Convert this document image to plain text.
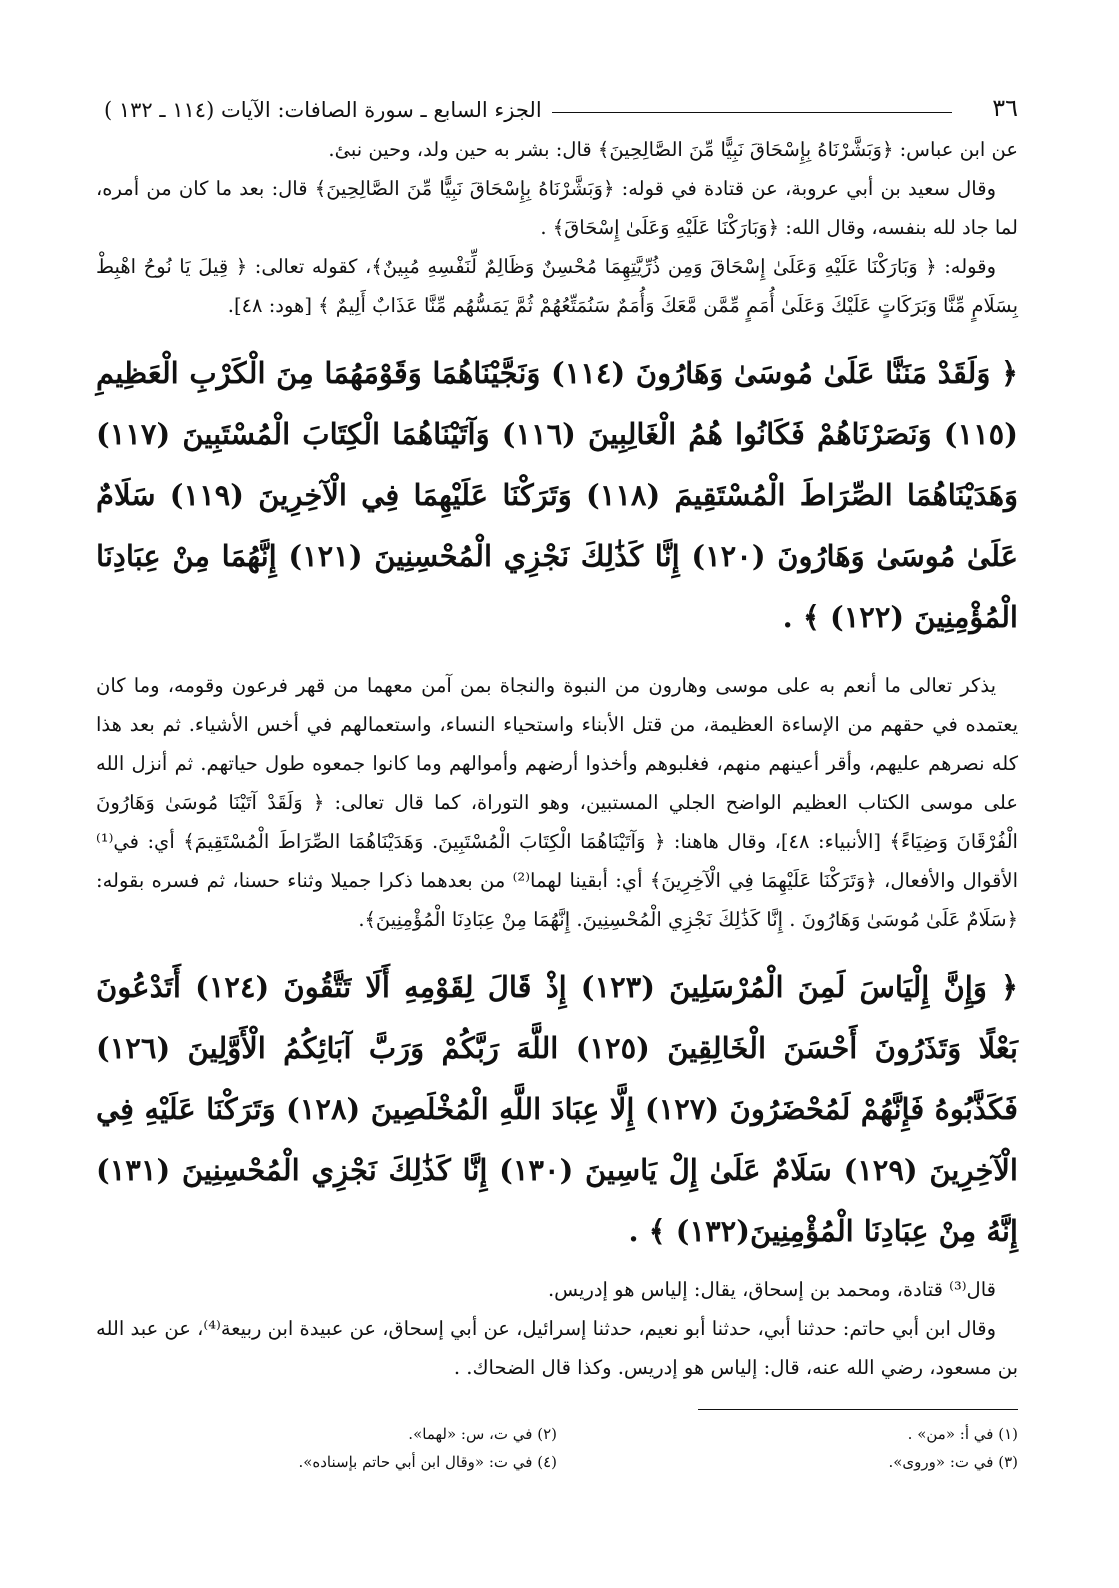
٣٦
الجزء السابع ـ سورة الصافات: الآيات (١١٤ ـ ١٣٢ )

عن ابن عباس: ﴿وَبَشَّرْنَاهُ بِإِسْحَاقَ نَبِيًّا مِّنَ الصَّالِحِينَ﴾ قال: بشر به حين ولد، وحين نبئ.

وقال سعيد بن أبي عروبة، عن قتادة في قوله: ﴿وَبَشَّرْنَاهُ بِإِسْحَاقَ نَبِيًّا مِّنَ الصَّالِحِينَ﴾ قال: بعد ما كان من أمره، لما جاد لله بنفسه، وقال الله: ﴿وَبَارَكْنَا عَلَيْهِ وَعَلَىٰ إِسْحَاقَ﴾ .

وقوله: ﴿ وَبَارَكْنَا عَلَيْهِ وَعَلَىٰ إِسْحَاقَ وَمِن ذُرِّيَّتِهِمَا مُحْسِنٌ وَظَالِمٌ لِّنَفْسِهِ مُبِينٌ﴾، كقوله تعالى: ﴿ قِيلَ يَا نُوحُ اهْبِطْ بِسَلَامٍ مِّنَّا وَبَرَكَاتٍ عَلَيْكَ وَعَلَىٰ أُمَمٍ مِّمَّن مَّعَكَ وَأُمَمٌ سَنُمَتِّعُهُمْ ثُمَّ يَمَسُّهُم مِّنَّا عَذَابٌ أَلِيمٌ ﴾ [هود: ٤٨].

﴿ وَلَقَدْ مَنَنَّا عَلَىٰ مُوسَىٰ وَهَارُونَ (١١٤) وَنَجَّيْنَاهُمَا وَقَوْمَهُمَا مِنَ الْكَرْبِ الْعَظِيمِ (١١٥) وَنَصَرْنَاهُمْ فَكَانُوا هُمُ الْغَالِبِينَ (١١٦) وَآتَيْنَاهُمَا الْكِتَابَ الْمُسْتَبِينَ (١١٧) وَهَدَيْنَاهُمَا الصِّرَاطَ الْمُسْتَقِيمَ (١١٨) وَتَرَكْنَا عَلَيْهِمَا فِي الْآخِرِينَ (١١٩) سَلَامٌ عَلَىٰ مُوسَىٰ وَهَارُونَ (١٢٠) إِنَّا كَذَٰلِكَ نَجْزِي الْمُحْسِنِينَ (١٢١) إِنَّهُمَا مِنْ عِبَادِنَا الْمُؤْمِنِينَ (١٢٢) ﴾ .

يذكر تعالى ما أنعم به على موسى وهارون من النبوة والنجاة بمن آمن معهما من قهر فرعون وقومه، وما كان يعتمده في حقهم من الإساءة العظيمة، من قتل الأبناء واستحياء النساء، واستعمالهم في أخس الأشياء. ثم بعد هذا كله نصرهم عليهم، وأقر أعينهم منهم، فغلبوهم وأخذوا أرضهم وأموالهم وما كانوا جمعوه طول حياتهم. ثم أنزل الله على موسى الكتاب العظيم الواضح الجلي المستبين، وهو التوراة، كما قال تعالى: ﴿ وَلَقَدْ آتَيْنَا مُوسَىٰ وَهَارُونَ الْفُرْقَانَ وَضِيَاءً﴾ [الأنبياء: ٤٨]، وقال هاهنا: ﴿ وَآتَيْنَاهُمَا الْكِتَابَ الْمُسْتَبِينَ. وَهَدَيْنَاهُمَا الصِّرَاطَ الْمُسْتَقِيمَ﴾ أي: في⁽¹⁾ الأقوال والأفعال، ﴿وَتَرَكْنَا عَلَيْهِمَا فِي الْآخِرِينَ﴾ أي: أبقينا لهما⁽²⁾ من بعدهما ذكرا جميلا وثناء حسنا، ثم فسره بقوله: ﴿سَلَامٌ عَلَىٰ مُوسَىٰ وَهَارُونَ . إِنَّا كَذَٰلِكَ نَجْزِي الْمُحْسِنِينَ. إِنَّهُمَا مِنْ عِبَادِنَا الْمُؤْمِنِينَ﴾.

﴿ وَإِنَّ إِلْيَاسَ لَمِنَ الْمُرْسَلِينَ (١٢٣) إِذْ قَالَ لِقَوْمِهِ أَلَا تَتَّقُونَ (١٢٤) أَتَدْعُونَ بَعْلًا وَتَذَرُونَ أَحْسَنَ الْخَالِقِينَ (١٢٥) اللَّهَ رَبَّكُمْ وَرَبَّ آبَائِكُمُ الْأَوَّلِينَ (١٢٦) فَكَذَّبُوهُ فَإِنَّهُمْ لَمُحْضَرُونَ (١٢٧) إِلَّا عِبَادَ اللَّهِ الْمُخْلَصِينَ (١٢٨) وَتَرَكْنَا عَلَيْهِ فِي الْآخِرِينَ (١٢٩) سَلَامٌ عَلَىٰ إِلْ يَاسِينَ (١٣٠) إِنَّا كَذَٰلِكَ نَجْزِي الْمُحْسِنِينَ (١٣١) إِنَّهُ مِنْ عِبَادِنَا الْمُؤْمِنِينَ(١٣٢) ﴾ .

قال⁽³⁾ قتادة، ومحمد بن إسحاق، يقال: إلياس هو إدريس.

وقال ابن أبي حاتم: حدثنا أبي، حدثنا أبو نعيم، حدثنا إسرائيل، عن أبي إسحاق، عن عبيدة ابن ربيعة⁽⁴⁾، عن عبد الله بن مسعود، رضي الله عنه، قال: إلياس هو إدريس. وكذا قال الضحاك. .

(١) في أ: «من» .
(٢) في ت، س: «لهما».
(٣) في ت: «وروى».
(٤) في ت: «وقال ابن أبي حاتم بإسناده».
